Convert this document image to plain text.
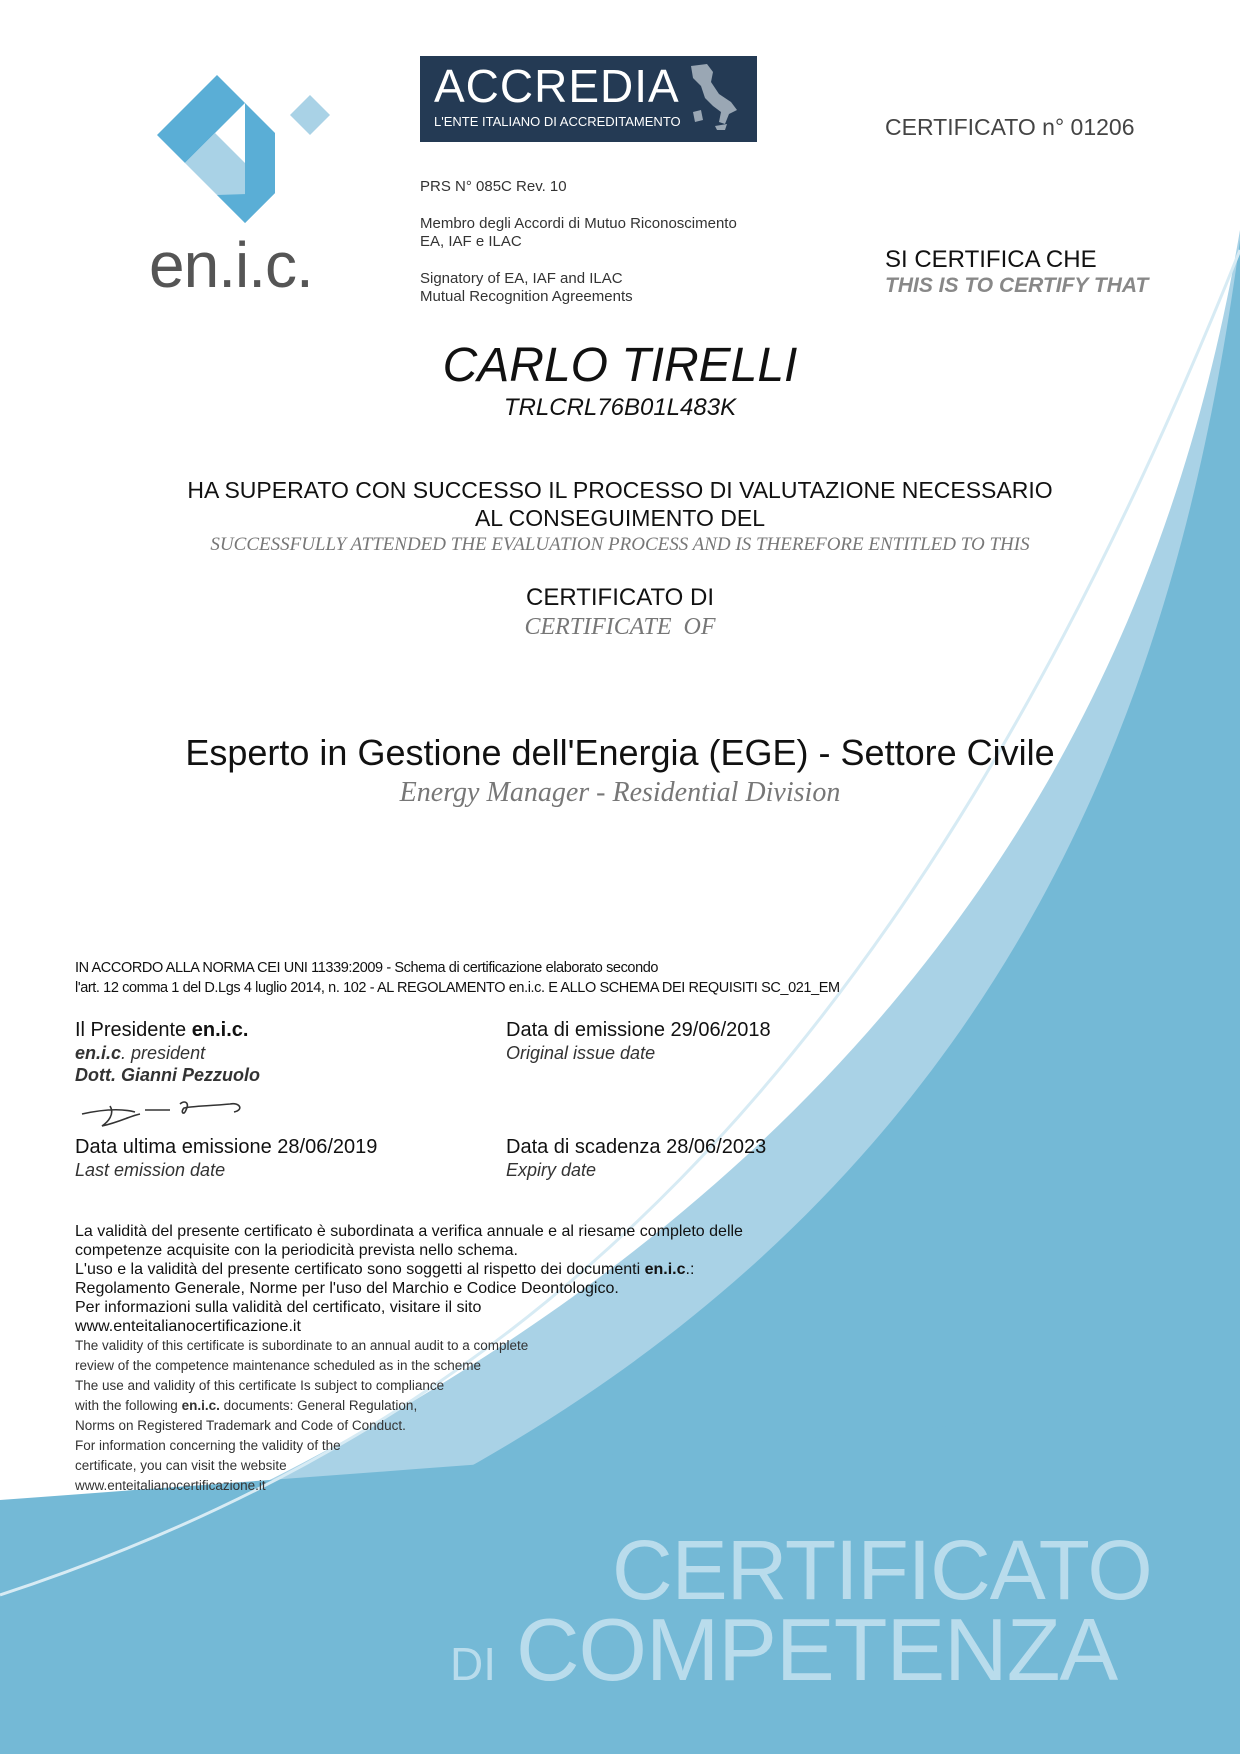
en.i.c.
ACCREDIA
L'ENTE ITALIANO DI ACCREDITAMENTO
PRS N° 085C Rev. 10
Membro degli Accordi di Mutuo Riconoscimento
EA, IAF e ILAC
Signatory of EA, IAF and ILAC
Mutual Recognition Agreements
CERTIFICATO n° 01206
SI CERTIFICA CHE
THIS IS TO CERTIFY THAT
CARLO TIRELLI
TRLCRL76B01L483K
HA SUPERATO CON SUCCESSO IL PROCESSO DI VALUTAZIONE NECESSARIO
AL CONSEGUIMENTO DEL
SUCCESSFULLY ATTENDED THE EVALUATION PROCESS AND IS THEREFORE ENTITLED TO THIS
CERTIFICATO DI
CERTIFICATE  OF
Esperto in Gestione dell'Energia (EGE) - Settore Civile
Energy Manager - Residential Division
IN ACCORDO ALLA NORMA CEI UNI 11339:2009 - Schema di certificazione elaborato secondo
l'art. 12 comma 1 del D.Lgs 4 luglio 2014, n. 102 - AL REGOLAMENTO en.i.c. E ALLO SCHEMA DEI REQUISITI SC_021_EM
Il Presidente en.i.c.
en.i.c. president
Dott. Gianni Pezzuolo
Data di emissione 29/06/2018
Original issue date
Data ultima emissione 28/06/2019
Last emission date
Data di scadenza 28/06/2023
Expiry date
La validità del presente certificato è subordinata a verifica annuale e al riesame completo delle
competenze acquisite con la periodicità prevista nello schema.
L'uso e la validità del presente certificato sono soggetti al rispetto dei documenti en.i.c.:
Regolamento Generale, Norme per l'uso del Marchio e Codice Deontologico.
Per informazioni sulla validità del certificato, visitare il sito
www.enteitalianocertificazione.it
The validity of this certificate is subordinate to an annual audit to a complete
review of the competence maintenance scheduled as in the scheme
The use and validity of this certificate Is subject to compliance
with the following en.i.c. documents: General Regulation,
Norms on Registered Trademark and Code of Conduct.
For information concerning the validity of the
certificate, you can visit the website
www.enteitalianocertificazione.it
CERTIFICATO
DI COMPETENZA
